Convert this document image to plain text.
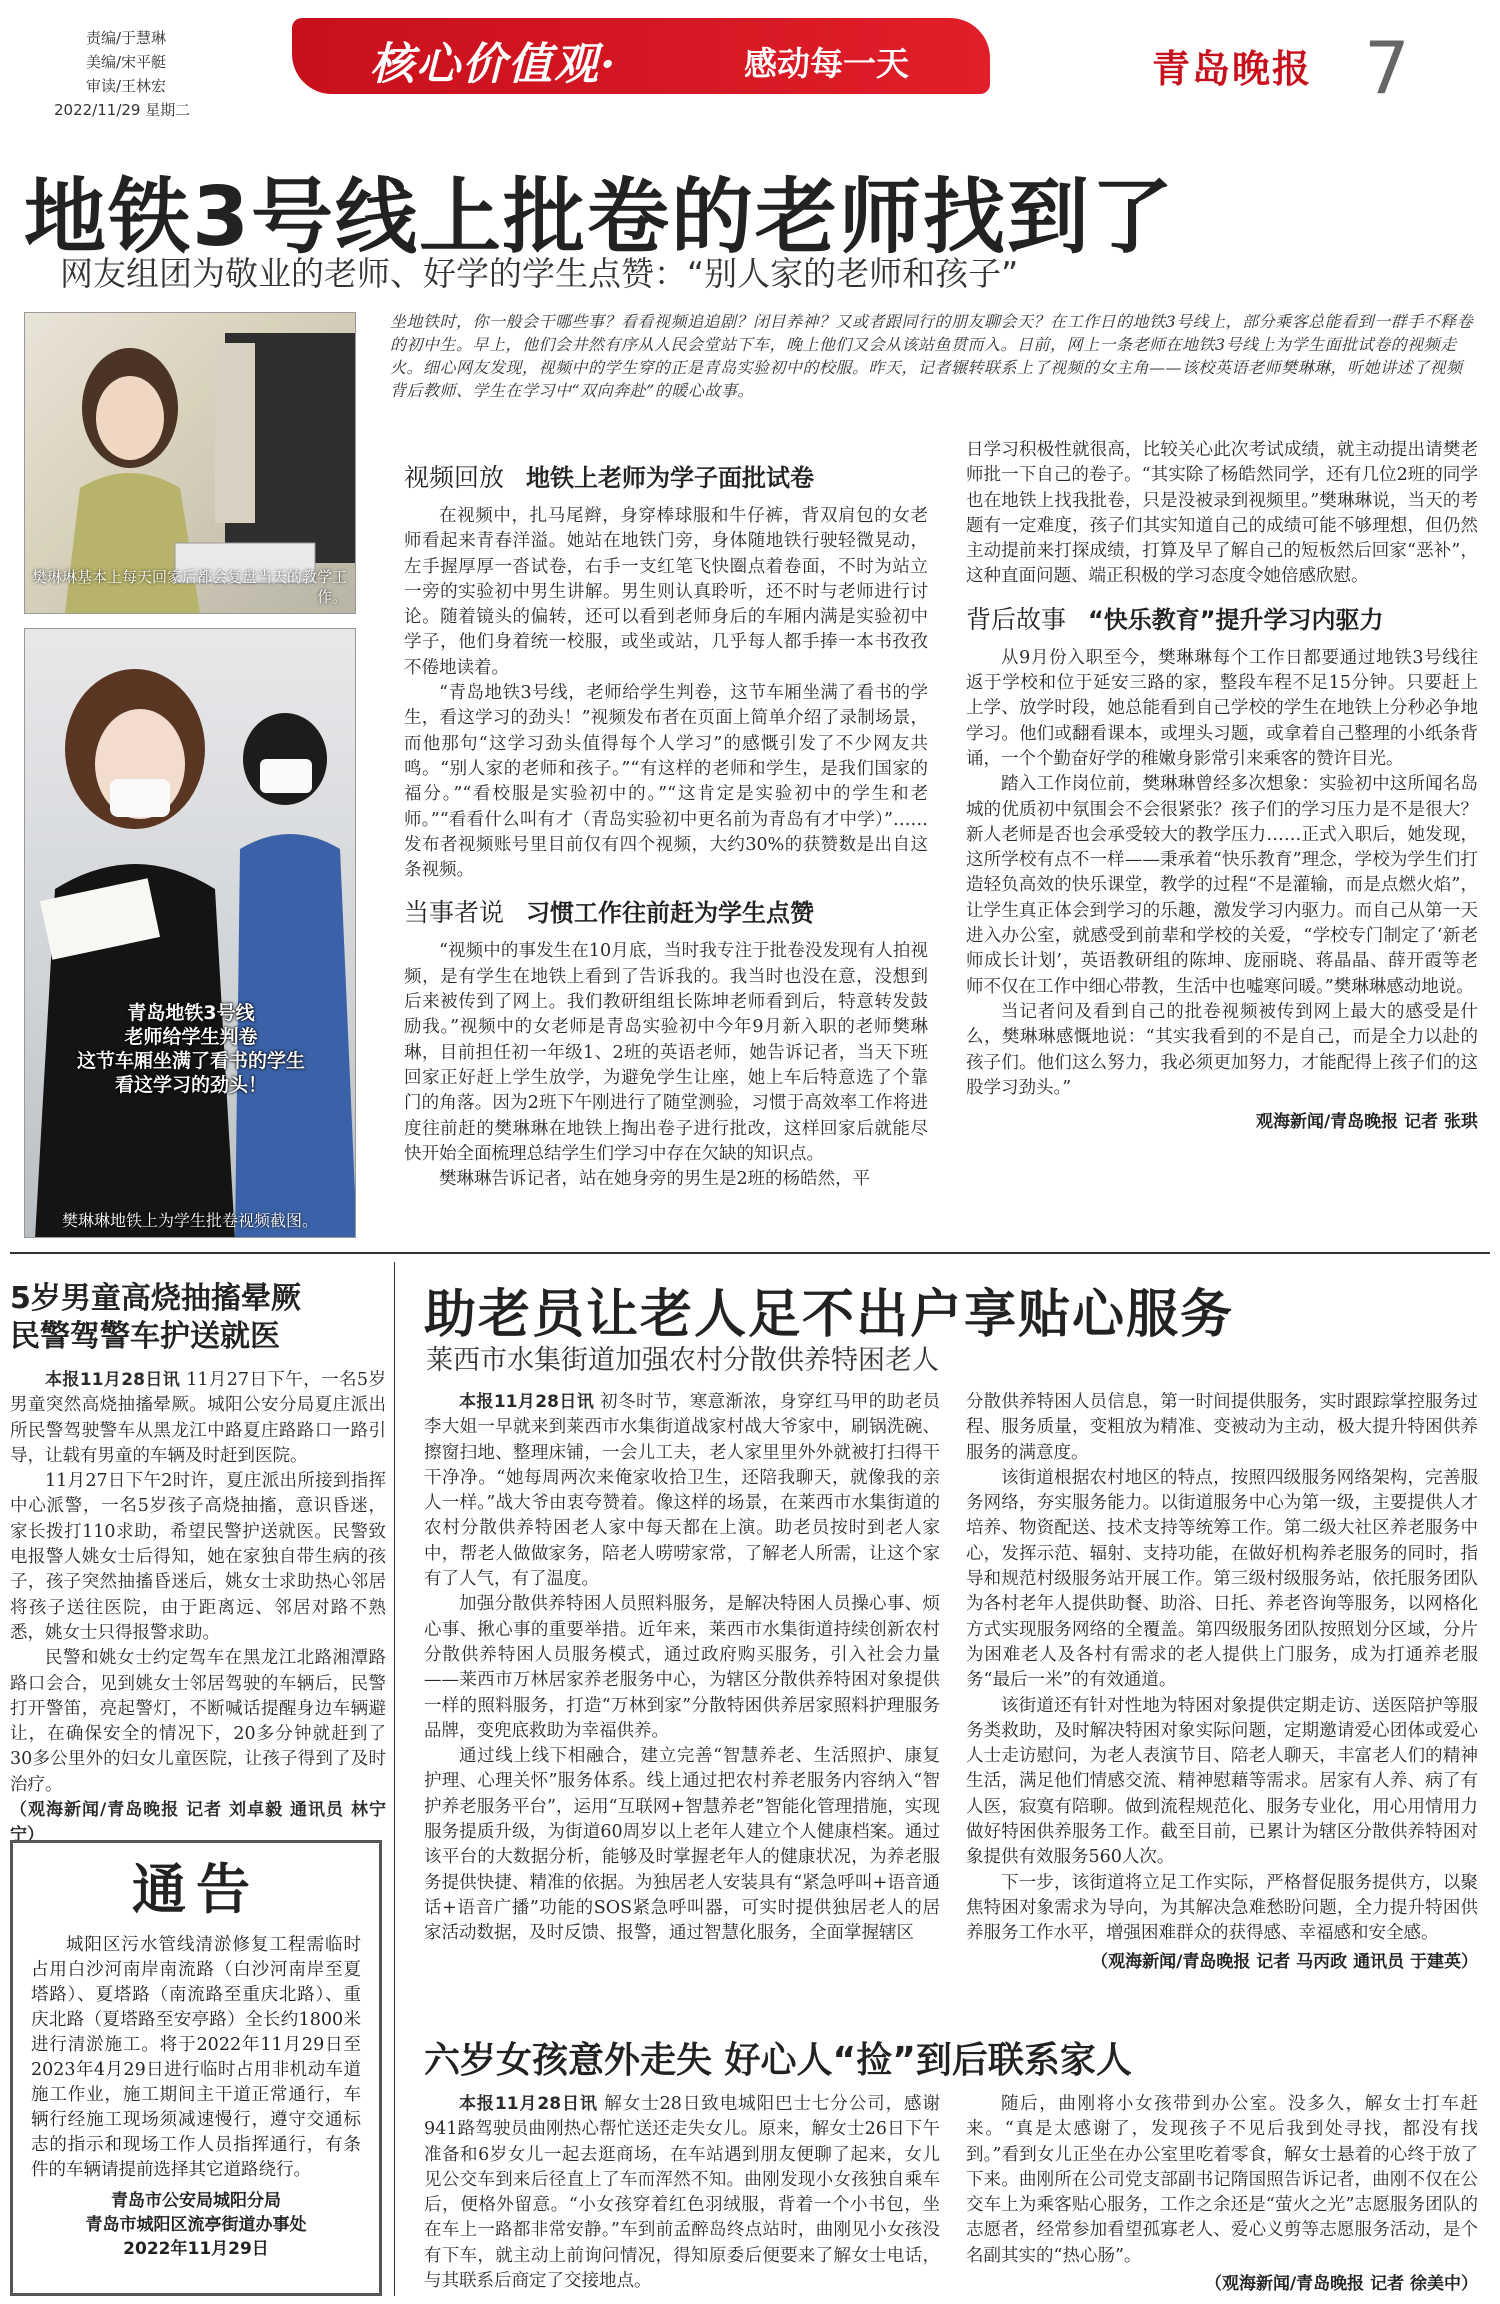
责编/于慧琳
美编/宋平艇
审读/王林宏
2022/11/29 星期二
核心价值观·	感动每一天	青岛晚报 7
地铁3号线上批卷的老师找到了
网友组团为敬业的老师、好学的学生点赞：“别人家的老师和孩子”
樊琳琳基本上每天回家后都会复盘当天的教学工作。
青岛地铁3号线
老师给学生判卷
这节车厢坐满了看书的学生
看这学习的劲头！
樊琳琳地铁上为学生批卷视频截图。
坐地铁时，你一般会干哪些事？看看视频追追剧？闭目养神？又或者跟同行的朋友聊会天？在工作日的地铁3号线上，部分乘客总能看到一群手不释卷的初中生。早上，他们会井然有序从人民会堂站下车，晚上他们又会从该站鱼贯而入。日前，网上一条老师在地铁3号线上为学生面批试卷的视频走火。细心网友发现，视频中的学生穿的正是青岛实验初中的校服。昨天，记者辗转联系上了视频的女主角——该校英语老师樊琳琳，听她讲述了视频背后教师、学生在学习中“双向奔赴”的暖心故事。
视频回放 地铁上老师为学子面批试卷

在视频中，扎马尾辫，身穿棒球服和牛仔裤，背双肩包的女老师看起来青春洋溢。她站在地铁门旁，身体随地铁行驶轻微晃动，左手握厚厚一沓试卷，右手一支红笔飞快圈点着卷面，不时为站立一旁的实验初中男生讲解。男生则认真聆听，还不时与老师进行讨论。随着镜头的偏转，还可以看到老师身后的车厢内满是实验初中学子，他们身着统一校服，或坐或站，几乎每人都手捧一本书孜孜不倦地读着。

“青岛地铁3号线，老师给学生判卷，这节车厢坐满了看书的学生，看这学习的劲头！”视频发布者在页面上简单介绍了录制场景，而他那句“这学习劲头值得每个人学习”的感慨引发了不少网友共鸣。“别人家的老师和孩子。”“有这样的老师和学生，是我们国家的福分。”“看校服是实验初中的。”“这肯定是实验初中的学生和老师。”“看看什么叫有才（青岛实验初中更名前为青岛有才中学）”……发布者视频账号里目前仅有四个视频，大约30%的获赞数是出自这条视频。

当事者说 习惯工作往前赶为学生点赞

“视频中的事发生在10月底，当时我专注于批卷没发现有人拍视频，是有学生在地铁上看到了告诉我的。我当时也没在意，没想到后来被传到了网上。我们教研组组长陈坤老师看到后，特意转发鼓励我。”视频中的女老师是青岛实验初中今年9月新入职的老师樊琳琳，目前担任初一年级1、2班的英语老师，她告诉记者，当天下班回家正好赶上学生放学，为避免学生让座，她上车后特意选了个靠门的角落。因为2班下午刚进行了随堂测验，习惯于高效率工作将进度往前赶的樊琳琳在地铁上掏出卷子进行批改，这样回家后就能尽快开始全面梳理总结学生们学习中存在欠缺的知识点。

樊琳琳告诉记者，站在她身旁的男生是2班的杨皓然，平

日学习积极性就很高，比较关心此次考试成绩，就主动提出请樊老师批一下自己的卷子。“其实除了杨皓然同学，还有几位2班的同学也在地铁上找我批卷，只是没被录到视频里。”樊琳琳说，当天的考题有一定难度，孩子们其实知道自己的成绩可能不够理想，但仍然主动提前来打探成绩，打算及早了解自己的短板然后回家“恶补”，这种直面问题、端正积极的学习态度令她倍感欣慰。

背后故事 “快乐教育”提升学习内驱力

从9月份入职至今，樊琳琳每个工作日都要通过地铁3号线往返于学校和位于延安三路的家，整段车程不足15分钟。只要赶上上学、放学时段，她总能看到自己学校的学生在地铁上分秒必争地学习。他们或翻看课本，或埋头习题，或拿着自己整理的小纸条背诵，一个个勤奋好学的稚嫩身影常引来乘客的赞许目光。

踏入工作岗位前，樊琳琳曾经多次想象：实验初中这所闻名岛城的优质初中氛围会不会很紧张？孩子们的学习压力是不是很大？新人老师是否也会承受较大的教学压力……正式入职后，她发现，这所学校有点不一样——秉承着“快乐教育”理念，学校为学生们打造轻负高效的快乐课堂，教学的过程“不是灌输，而是点燃火焰”，让学生真正体会到学习的乐趣，激发学习内驱力。而自己从第一天进入办公室，就感受到前辈和学校的关爱，“学校专门制定了‘新老师成长计划’，英语教研组的陈坤、庞丽晓、蒋晶晶、薛开霞等老师不仅在工作中细心带教，生活中也嘘寒问暖。”樊琳琳感动地说。

当记者问及看到自己的批卷视频被传到网上最大的感受是什么，樊琳琳感慨地说：“其实我看到的不是自己，而是全力以赴的孩子们。他们这么努力，我必须更加努力，才能配得上孩子们的这股学习劲头。”

观海新闻/青岛晚报 记者 张珙
5岁男童高烧抽搐晕厥
民警驾警车护送就医

本报11月28日讯 11月27日下午，一名5岁男童突然高烧抽搐晕厥。城阳公安分局夏庄派出所民警驾驶警车从黑龙江中路夏庄路路口一路引导，让载有男童的车辆及时赶到医院。

11月27日下午2时许，夏庄派出所接到指挥中心派警，一名5岁孩子高烧抽搐，意识昏迷，家长拨打110求助，希望民警护送就医。民警致电报警人姚女士后得知，她在家独自带生病的孩子，孩子突然抽搐昏迷后，姚女士求助热心邻居将孩子送往医院，由于距离远、邻居对路不熟悉，姚女士只得报警求助。

民警和姚女士约定驾车在黑龙江北路湘潭路路口会合，见到姚女士邻居驾驶的车辆后，民警打开警笛，亮起警灯，不断喊话提醒身边车辆避让，在确保安全的情况下，20多分钟就赶到了30多公里外的妇女儿童医院，让孩子得到了及时治疗。

（观海新闻/青岛晚报 记者 刘卓毅 通讯员 林宁宁）

通告

城阳区污水管线清淤修复工程需临时占用白沙河南岸南流路（白沙河南岸至夏塔路）、夏塔路（南流路至重庆北路）、重庆北路（夏塔路至安亭路）全长约1800米进行清淤施工。将于2022年11月29日至2023年4月29日进行临时占用非机动车道施工作业，施工期间主干道正常通行，车辆行经施工现场须减速慢行，遵守交通标志的指示和现场工作人员指挥通行，有条件的车辆请提前选择其它道路绕行。

青岛市公安局城阳分局
青岛市城阳区流亭街道办事处
2022年11月29日
助老员让老人足不出户享贴心服务
莱西市水集街道加强农村分散供养特困老人

本报11月28日讯 初冬时节，寒意渐浓，身穿红马甲的助老员李大姐一早就来到莱西市水集街道战家村战大爷家中，刷锅洗碗、擦窗扫地、整理床铺，一会儿工夫，老人家里里外外就被打扫得干干净净。“她每周两次来俺家收拾卫生，还陪我聊天，就像我的亲人一样。”战大爷由衷夸赞着。像这样的场景，在莱西市水集街道的农村分散供养特困老人家中每天都在上演。助老员按时到老人家中，帮老人做做家务，陪老人唠唠家常，了解老人所需，让这个家有了人气，有了温度。

加强分散供养特困人员照料服务，是解决特困人员操心事、烦心事、揪心事的重要举措。近年来，莱西市水集街道持续创新农村分散供养特困人员服务模式，通过政府购买服务，引入社会力量——莱西市万林居家养老服务中心，为辖区分散供养特困对象提供一样的照料服务，打造“万林到家”分散特困供养居家照料护理服务品牌，变兜底救助为幸福供养。

通过线上线下相融合，建立完善“智慧养老、生活照护、康复护理、心理关怀”服务体系。线上通过把农村养老服务内容纳入“智护养老服务平台”，运用“互联网+智慧养老”智能化管理措施，实现服务提质升级，为街道60周岁以上老年人建立个人健康档案。通过该平台的大数据分析，能够及时掌握老年人的健康状况，为养老服务提供快捷、精准的依据。为独居老人安装具有“紧急呼叫+语音通话+语音广播”功能的SOS紧急呼叫器，可实时提供独居老人的居家活动数据，及时反馈、报警，通过智慧化服务，全面掌握辖区

分散供养特困人员信息，第一时间提供服务，实时跟踪掌控服务过程、服务质量，变粗放为精准、变被动为主动，极大提升特困供养服务的满意度。

该街道根据农村地区的特点，按照四级服务网络架构，完善服务网络，夯实服务能力。以街道服务中心为第一级，主要提供人才培养、物资配送、技术支持等统筹工作。第二级大社区养老服务中心，发挥示范、辐射、支持功能，在做好机构养老服务的同时，指导和规范村级服务站开展工作。第三级村级服务站，依托服务团队为各村老年人提供助餐、助浴、日托、养老咨询等服务，以网格化方式实现服务网络的全覆盖。第四级服务团队按照划分区域，分片为困难老人及各村有需求的老人提供上门服务，成为打通养老服务“最后一米”的有效通道。

该街道还有针对性地为特困对象提供定期走访、送医陪护等服务类救助，及时解决特困对象实际问题，定期邀请爱心团体或爱心人士走访慰问，为老人表演节目、陪老人聊天，丰富老人们的精神生活，满足他们情感交流、精神慰藉等需求。居家有人养、病了有人医，寂寞有陪聊。做到流程规范化、服务专业化，用心用情用力做好特困供养服务工作。截至目前，已累计为辖区分散供养特困对象提供有效服务560人次。

下一步，该街道将立足工作实际，严格督促服务提供方，以聚焦特困对象需求为导向，为其解决急难愁盼问题，全力提升特困供养服务工作水平，增强困难群众的获得感、幸福感和安全感。

（观海新闻/青岛晚报 记者 马丙政 通讯员 于建英）
六岁女孩意外走失 好心人“捡”到后联系家人

本报11月28日讯 解女士28日致电城阳巴士七分公司，感谢941路驾驶员曲刚热心帮忙送还走失女儿。原来，解女士26日下午准备和6岁女儿一起去逛商场，在车站遇到朋友便聊了起来，女儿见公交车到来后径直上了车而浑然不知。曲刚发现小女孩独自乘车后，便格外留意。“小女孩穿着红色羽绒服，背着一个小书包，坐在车上一路都非常安静。”车到前孟醉岛终点站时，曲刚见小女孩没有下车，就主动上前询问情况，得知原委后便要来了解女士电话，与其联系后商定了交接地点。

随后，曲刚将小女孩带到办公室。没多久，解女士打车赶来。“真是太感谢了，发现孩子不见后我到处寻找，都没有找到。”看到女儿正坐在办公室里吃着零食，解女士悬着的心终于放了下来。曲刚所在公司党支部副书记隋国照告诉记者，曲刚不仅在公交车上为乘客贴心服务，工作之余还是“萤火之光”志愿服务团队的志愿者，经常参加看望孤寡老人、爱心义剪等志愿服务活动，是个名副其实的“热心肠”。

（观海新闻/青岛晚报 记者 徐美中）
